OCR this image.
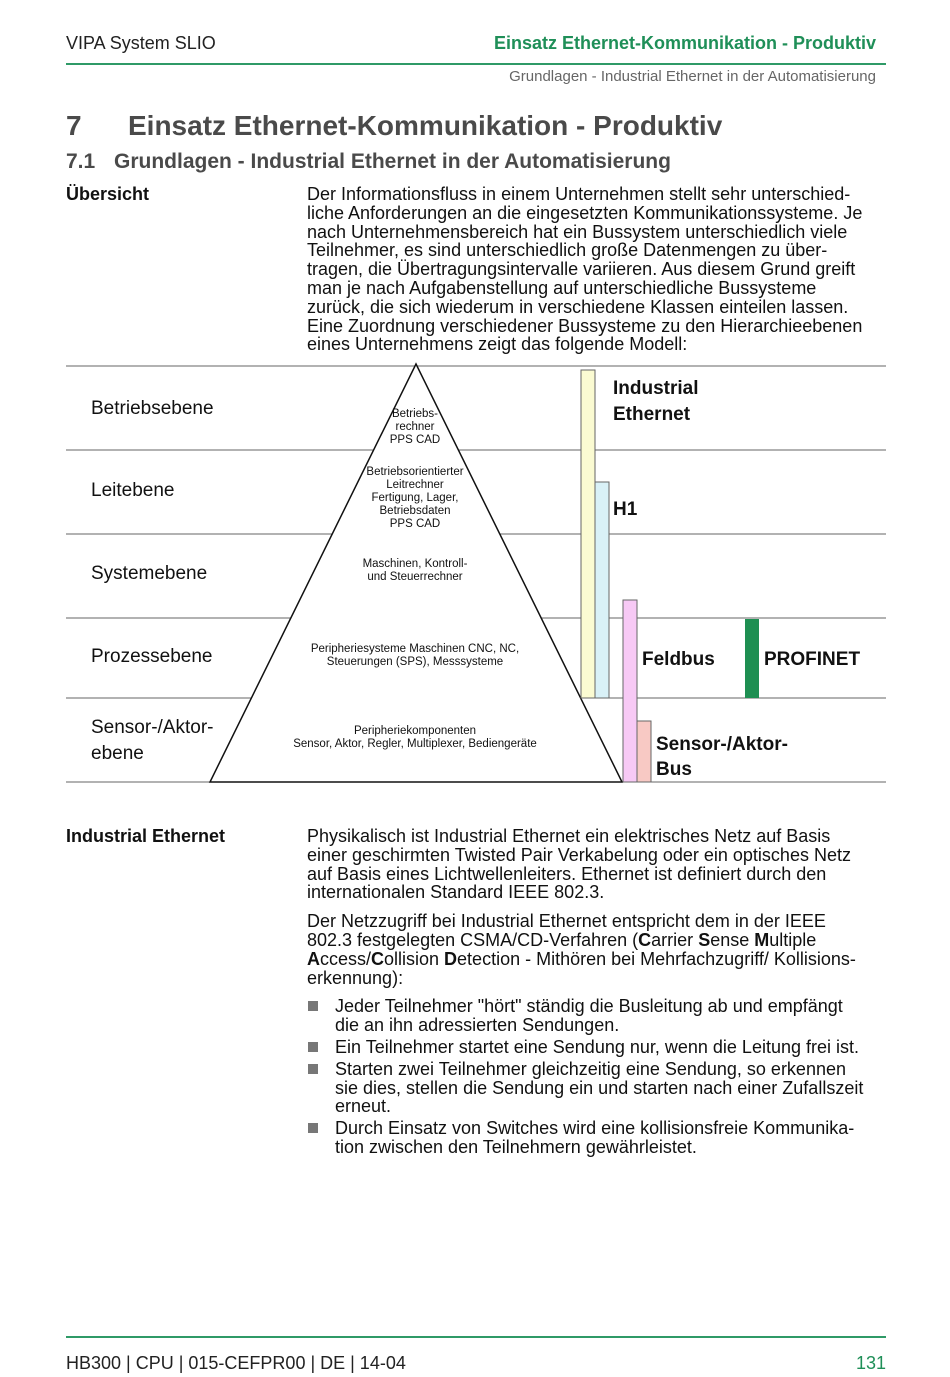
VIPA System SLIO	Einsatz Ethernet-Kommunikation - Produktiv
Grundlagen - Industrial Ethernet in der Automatisierung
7 Einsatz Ethernet-Kommunikation - Produktiv
7.1 Grundlagen - Industrial Ethernet in der Automatisierung
Übersicht	Der Informationsfluss in einem Unternehmen stellt sehr unterschied-
liche Anforderungen an die eingesetzten Kommunikationssysteme. Je
nach Unternehmensbereich hat ein Bussystem unterschiedlich viele
Teilnehmer, es sind unterschiedlich große Datenmengen zu über-
tragen, die Übertragungsintervalle variieren. Aus diesem Grund greift
man je nach Aufgabenstellung auf unterschiedliche Bussysteme
zurück, die sich wiederum in verschiedene Klassen einteilen lassen.
Eine Zuordnung verschiedener Bussysteme zu den Hierarchieebenen
eines Unternehmens zeigt das folgende Modell:
Betriebsebene
Leitebene
Systemebene
Prozessebene
Sensor-/Aktor-
ebene
Betriebs-
rechner
PPS CAD
Betriebsorientierter
Leitrechner
Fertigung, Lager,
Betriebsdaten
PPS CAD
Maschinen, Kontroll-
und Steuerrechner
Peripheriesysteme Maschinen CNC, NC,
Steuerungen (SPS), Messsysteme
Peripheriekomponenten
Sensor, Aktor, Regler, Multiplexer, Bediengeräte
Industrial
Ethernet
H1
Feldbus	PROFINET
Sensor-/Aktor-
Bus
Industrial Ethernet	Physikalisch ist Industrial Ethernet ein elektrisches Netz auf Basis
einer geschirmten Twisted Pair Verkabelung oder ein optisches Netz
auf Basis eines Lichtwellenleiters. Ethernet ist definiert durch den
internationalen Standard IEEE 802.3.

Der Netzzugriff bei Industrial Ethernet entspricht dem in der IEEE
802.3 festgelegten CSMA/CD-Verfahren (Carrier Sense Multiple
Access/Collision Detection - Mithören bei Mehrfachzugriff/ Kollisions-
erkennung):

Jeder Teilnehmer "hört" ständig die Busleitung ab und empfängt
die an ihn adressierten Sendungen.
Ein Teilnehmer startet eine Sendung nur, wenn die Leitung frei ist.
Starten zwei Teilnehmer gleichzeitig eine Sendung, so erkennen
sie dies, stellen die Sendung ein und starten nach einer Zufallszeit
erneut.
Durch Einsatz von Switches wird eine kollisionsfreie Kommunika-
tion zwischen den Teilnehmern gewährleistet.
HB300 | CPU | 015-CEFPR00 | DE | 14-04	131
